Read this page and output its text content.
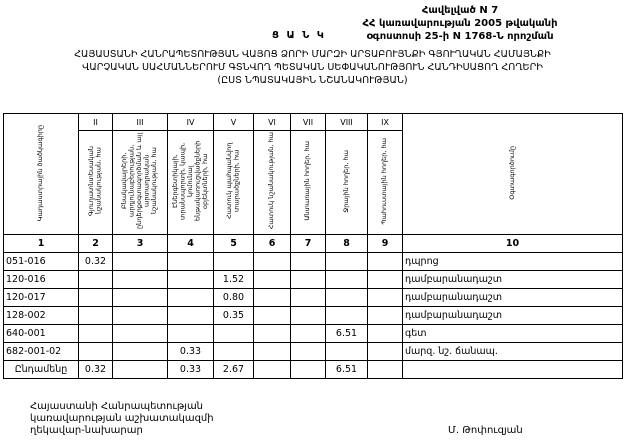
Հավելված N 7
ՀՀ կառավարության 2005 թվականի
օգոստոսի 25-ի N 1768-Ն որոշման
Ց Ա Ն Կ
ՀԱՅԱՍՏԱՆԻ ՀԱՆՐԱՊԵՏՈՒԹՅԱՆ ՎԱՅՈՑ ՁՈՐԻ ՄԱՐԶԻ ԱՐՏԱԲՈՒՅՆՔԻ ԳՅՈՒՂԱԿԱՆ ՀԱՄԱՅՆՔԻ
ՎԱՐՉԱԿԱՆ ՍԱՀՄԱՆՆԵՐՈՒՄ ԳՏՆՎՈՂ ՊԵՏԱԿԱՆ ՍԵՓԱԿԱՆՈՒԹՅՈՒՆ ՀԱՆԴԻՍԱՑՈՂ ՀՈՂԵՐԻ
(ԸՍՏ ՆՊԱՏԱԿԱՅԻՆ ՆՇԱՆԱԿՈՒԹՅԱՆ)
Կադաստրային ծածկագիրը	II	III	IV	V	VI	VII	VIII	IX	Օգտագործումը
	Գյուղատնտեսական նշանակության, հա	Բնակավայրերի, արդյունաբերության, ընդերքօգտագործման և այլ արտադրական նշանակության, հա	Էներգետիկայի, տրանսպորտի, կապի, կոմունալ ենթակառուցվածքների օբյեկտների, հա	Հատուկ պահպանվող տարածքների, հա	Հատուկ նշանակության, հա	Անտառային հողեր, հա	Ջրային հողեր, հա	Պահուստային հողեր, հա	
1	2	3	4	5	6	7	8	9	10
051-016	0.32								դպրոց
120-016				1.52					դամբարանադաշտ
120-017				0.80					դամբարանադաշտ
128-002				0.35					դամբարանադաշտ
640-001							6.51		գետ
682-001-02			0.33						մարզ. նշ. ճանապ.
Ընդամենը	0.32		0.33	2.67			6.51		
Հայաստանի Հանրապետության
կառավարության աշխատակազմի
ղեկավար-նախարար	Մ. Թոփուզյան
